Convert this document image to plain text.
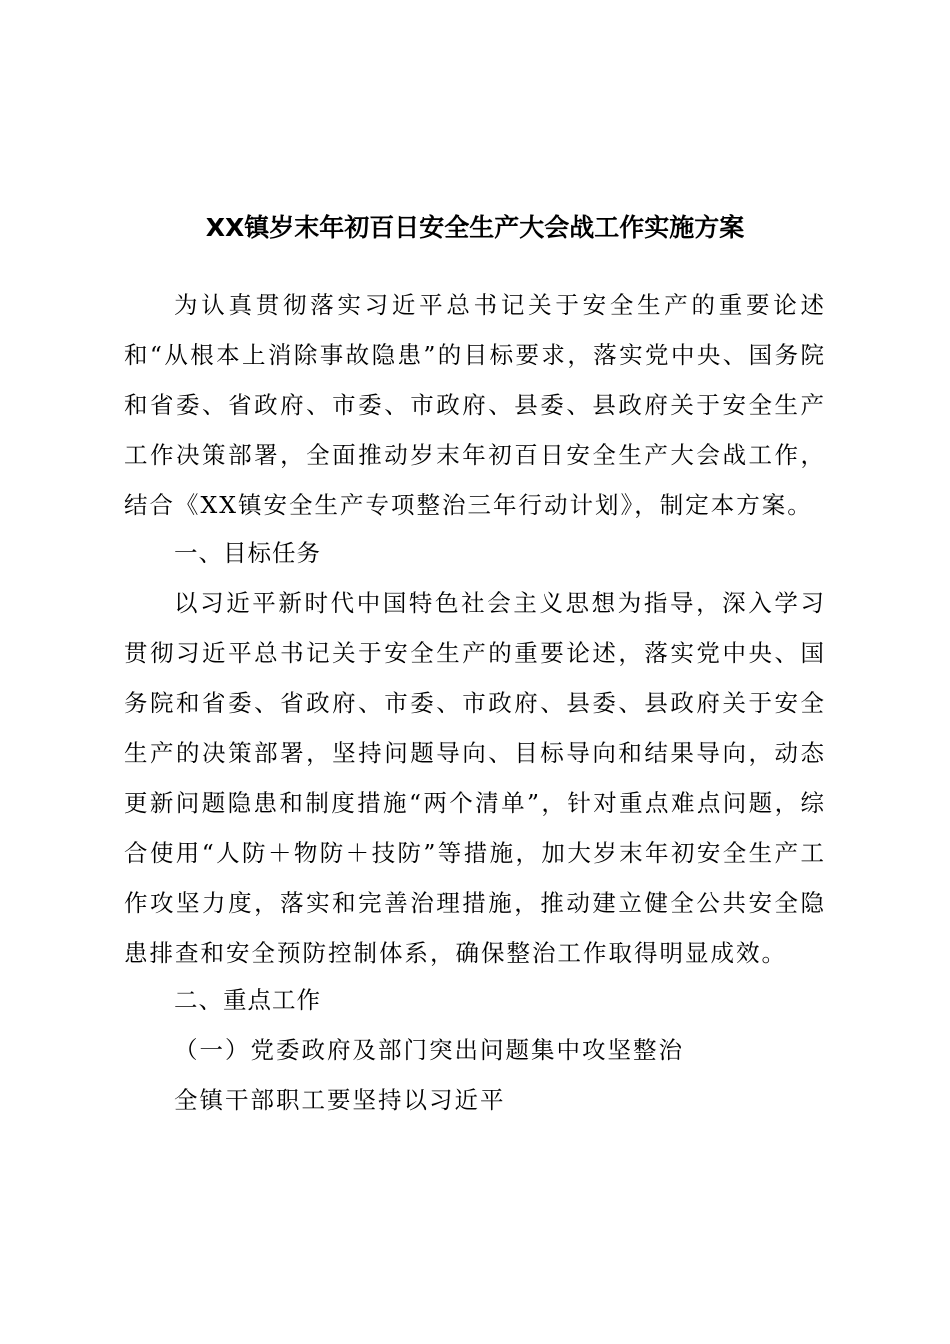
XX镇岁末年初百日安全生产大会战工作实施方案
为认真贯彻落实习近平总书记关于安全生产的重要论述和“从根本上消除事故隐患”的目标要求，落实党中央、国务院和省委、省政府、市委、市政府、县委、县政府关于安全生产工作决策部署，全面推动岁末年初百日安全生产大会战工作，结合《XX镇安全生产专项整治三年行动计划》，制定本方案。
一、目标任务
以习近平新时代中国特色社会主义思想为指导，深入学习贯彻习近平总书记关于安全生产的重要论述，落实党中央、国务院和省委、省政府、市委、市政府、县委、县政府关于安全生产的决策部署，坚持问题导向、目标导向和结果导向，动态更新问题隐患和制度措施“两个清单”，针对重点难点问题，综合使用“人防＋物防＋技防”等措施，加大岁末年初安全生产工作攻坚力度，落实和完善治理措施，推动建立健全公共安全隐患排查和安全预防控制体系，确保整治工作取得明显成效。
二、重点工作
（一）党委政府及部门突出问题集中攻坚整治
全镇干部职工要坚持以习近平
